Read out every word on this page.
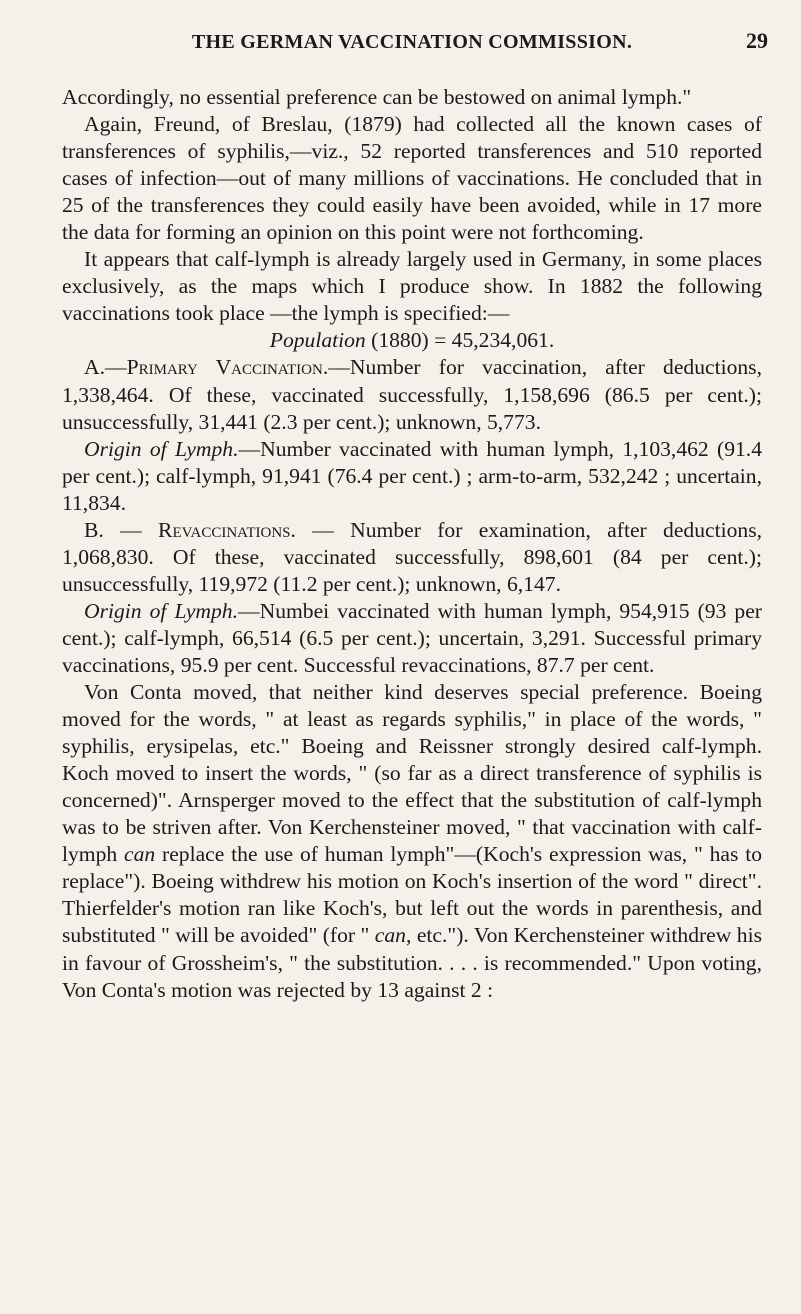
THE GERMAN VACCINATION COMMISSION.	29

Accordingly, no essential preference can be bestowed on animal lymph."

Again, Freund, of Breslau, (1879) had collected all the known cases of transferences of syphilis,—viz., 52 reported transferences and 510 reported cases of infection—out of many millions of vaccinations. He concluded that in 25 of the transferences they could easily have been avoided, while in 17 more the data for forming an opinion on this point were not forthcoming.

It appears that calf-lymph is already largely used in Germany, in some places exclusively, as the maps which I produce show. In 1882 the following vaccinations took place —the lymph is specified:—

Population (1880) = 45,234,061.

A.—Primary Vaccination.—Number for vaccination, after deductions, 1,338,464. Of these, vaccinated successfully, 1,158,696 (86.5 per cent.); unsuccessfully, 31,441 (2.3 per cent.); unknown, 5,773.

Origin of Lymph.—Number vaccinated with human lymph, 1,103,462 (91.4 per cent.); calf-lymph, 91,941 (76.4 per cent.) ; arm-to-arm, 532,242 ; uncertain, 11,834.

B. — Revaccinations. — Number for examination, after deductions, 1,068,830. Of these, vaccinated successfully, 898,601 (84 per cent.); unsuccessfully, 119,972 (11.2 per cent.); unknown, 6,147.

Origin of Lymph.—Numbei vaccinated with human lymph, 954,915 (93 per cent.); calf-lymph, 66,514 (6.5 per cent.); uncertain, 3,291. Successful primary vaccinations, 95.9 per cent. Successful revaccinations, 87.7 per cent.

Von Conta moved, that neither kind deserves special preference. Boeing moved for the words, " at least as regards syphilis," in place of the words, " syphilis, erysipelas, etc." Boeing and Reissner strongly desired calf-lymph. Koch moved to insert the words, " (so far as a direct transference of syphilis is concerned)". Arnsperger moved to the effect that the substitution of calf-lymph was to be striven after. Von Kerchensteiner moved, " that vaccination with calf-lymph can replace the use of human lymph"—(Koch's expression was, " has to replace"). Boeing withdrew his motion on Koch's insertion of the word " direct". Thierfelder's motion ran like Koch's, but left out the words in parenthesis, and substituted " will be avoided" (for " can, etc."). Von Kerchensteiner withdrew his in favour of Grossheim's, " the substitution. . . . is recommended." Upon voting, Von Conta's motion was rejected by 13 against 2 :
